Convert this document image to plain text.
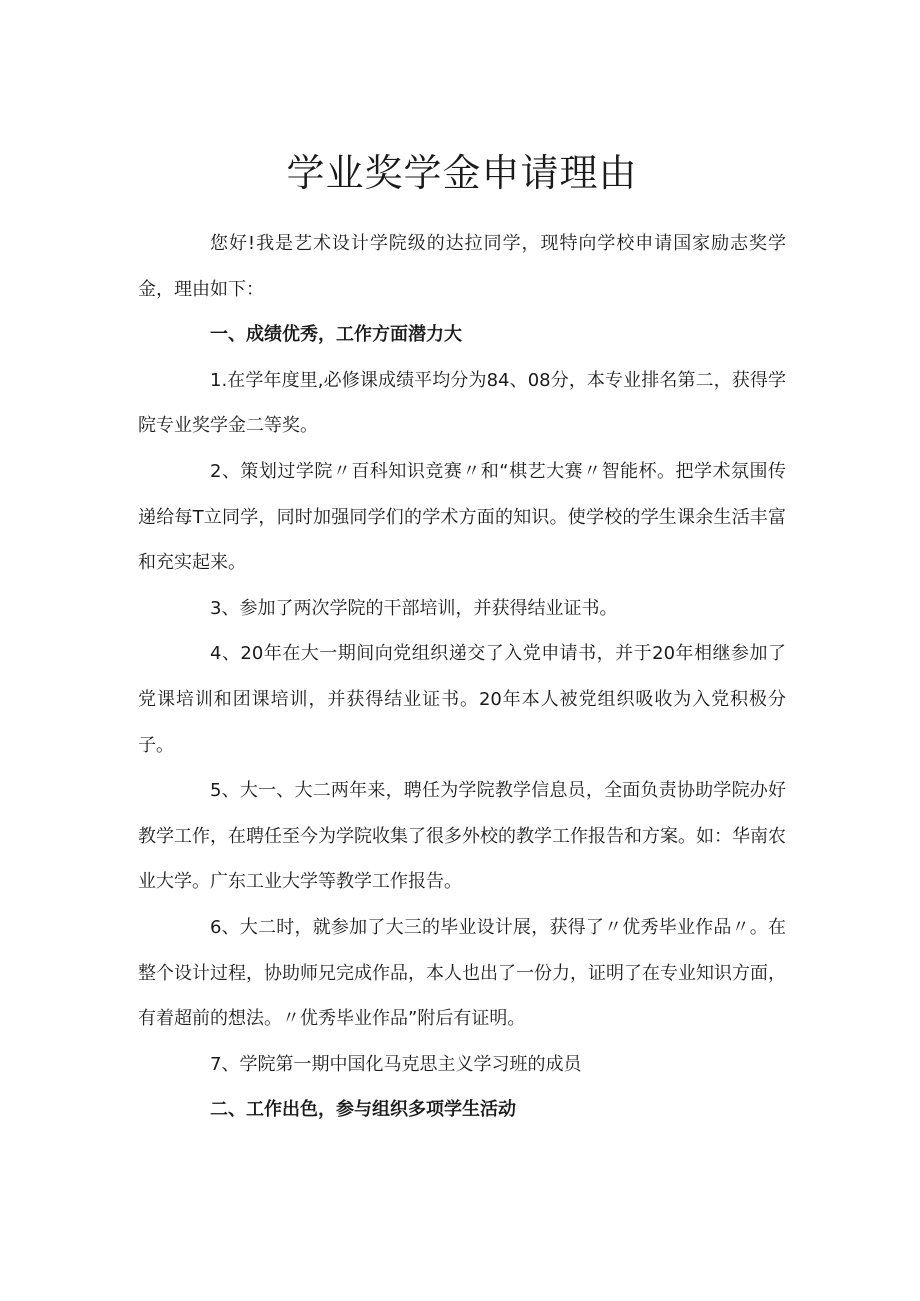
学业奖学金申请理由

您好!我是艺术设计学院级的达拉同学，现特向学校申请国家励志奖学金，理由如下：

一、成绩优秀，工作方面潜力大

1.在学年度里,必修课成绩平均分为84、08分，本专业排名第二，获得学院专业奖学金二等奖。

2、策划过学院〃百科知识竞赛〃和“棋艺大赛〃智能杯。把学术氛围传递给每T立同学，同时加强同学们的学术方面的知识。使学校的学生课余生活丰富和充实起来。

3、参加了两次学院的干部培训，并获得结业证书。

4、20年在大一期间向党组织递交了入党申请书，并于20年相继参加了党课培训和团课培训，并获得结业证书。20年本人被党组织吸收为入党积极分子。

5、大一、大二两年来，聘任为学院教学信息员，全面负责协助学院办好教学工作，在聘任至今为学院收集了很多外校的教学工作报告和方案。如：华南农业大学。广东工业大学等教学工作报告。

6、大二时，就参加了大三的毕业设计展，获得了〃优秀毕业作品〃。在整个设计过程，协助师兄完成作品，本人也出了一份力，证明了在专业知识方面，有着超前的想法。〃优秀毕业作品”附后有证明。

7、学院第一期中国化马克思主义学习班的成员

二、工作出色，参与组织多项学生活动
